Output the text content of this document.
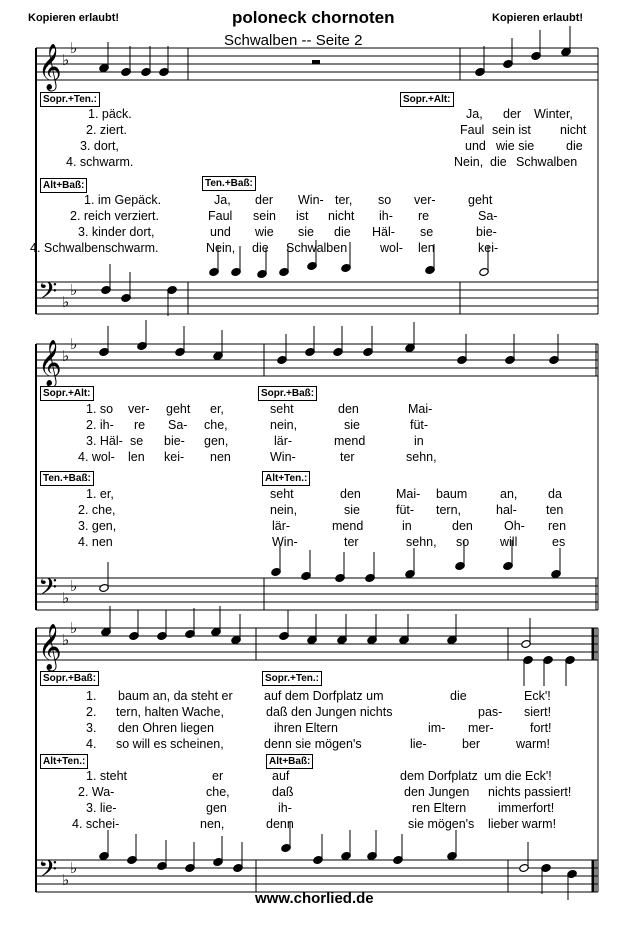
Kopieren erlaubt!	poloneck chornoten	Kopieren erlaubt!
Schwalben -- Seite 2
𝄞 ♭
♭
𝄢 ♭
♭
𝄞 ♭
♭
𝄢 ♭
♭
𝄞 ♭
♭
𝄢 ♭
♭
Sopr.+Ten.:	Sopr.+Alt:
1. päck.	Ja, der Winter,
2. ziert.	Faul sein ist nicht
3. dort,	und wie sie	die
4. schwarm.	Nein, die Schwalben
Alt+Baß:	Ten.+Baß:
1. im Gepäck.	Ja, der Win- ter, so ver-	geht
2. reich verziert.	Faul sein ist nicht ih- re	Sa-
3. kinder dort,	und wie sie die Häl- se	bie-
4. Schwalbenschwarm.	Nein, die Schwalben	wol- len	kei-
Sopr.+Alt:	Sopr.+Baß:
1. so ver- geht er,	seht	den	Mai-
2. ih- re Sa- che,	nein,	sie	füt-
3. Häl- se bie- gen,	lär-	mend	in
4. wol- len kei- nen	Win-	ter	sehn,
Ten.+Baß:	Alt+Ten.:
1. er,	seht	den	Mai- baum	an, da
2. che,	nein,	sie	füt- tern,	hal- ten
3. gen,	lär-	mend	in	den Oh- ren
4. nen	Win-	ter	sehn, so will	es
Sopr.+Baß:	Sopr.+Ten.:
1. baum an, da steht er	auf dem Dorfplatz um	die	Eck'!
2. tern, halten Wache,	daß den Jungen nichts	pas- siert!
3. den Ohren liegen	ihren Eltern	im- mer-	fort!
4. so will es scheinen,	denn sie mögen's	lie-	ber	warm!
Alt+Ten.:	Alt+Baß:
1. steht	er	auf	dem Dorfplatz um die Eck'!
2. Wa-	che,	daß	den Jungen nichts passiert!
3. lie-	gen	ih-	ren Eltern	immerfort!
4. schei-	nen,	denn	sie mögen's lieber warm!
www.chorlied.de
